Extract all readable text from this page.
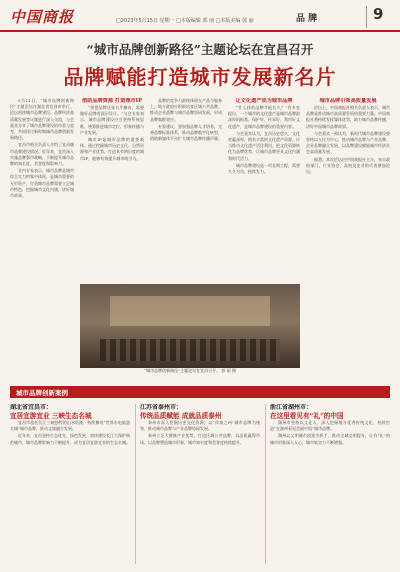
中国商报	□2023年5月15日 星期一 □本版编辑 郭 丽 □本版美编 郭 丽	品 牌	9
“城市品牌创新路径”主题论坛在宜昌召开
品牌赋能打造城市发展新名片

5月11日，“城市品牌创新路径”主题论坛在湖北省宜昌市举行。论坛围绕城市品牌建设、品牌经济高质量发展等议题进行深入交流，与会嘉宾分享了城市品牌建设的经验与思考，共同探讨新时期城市品牌创新发展路径。

宜昌市相关负责人介绍了宜昌城市品牌建设情况。近年来，宜昌深入实施品牌强市战略，不断提升城市品牌的知名度、美誉度和影响力。

业内专家表示，城市品牌是城市综合实力的集中体现，是城市重要的无形资产，打造城市品牌需要立足城市特色，挖掘城市文化内涵，讲好城市故事。

借助品牌资源 打造城市IP

“要把品牌这张名片擦亮，需要做好品牌的顶层设计。”与会专家表示，城市品牌建设应当坚持系统思维，统筹推进城市定位、形象传播与产业发展。

城市IP是城市品牌的重要载体。通过挖掘城市历史文化、自然资源和产业优势，打造具有辨识度的城市IP，能够有效提升城市吸引力。

品牌的竞争力最终体现在产品与服务上。地方政府应积极培育区域公共品牌，推动企业品牌与城市品牌协同发展，形成品牌集群效应。

专家建议，要加强品牌人才培养，完善品牌标准体系，推动品牌数字化转型，借助新媒体平台扩大城市品牌传播声量。

让文化遗产成为城市品牌

“什么样的品牌才能长久？”有专家提出，一个城市的文化遗产是城市品牌最深厚的根基。保护好、传承好、利用好文化遗产，是城市品牌建设的重要内容。

与会嘉宾认为，宜昌历史悠久，文化底蕴深厚，拥有丰富的文化遗产资源。应当推动文化遗产活化利用，把文化资源转化为品牌优势，让城市品牌更具文化内涵和时代活力。

城市品牌建设是一项长期工程，需要久久为功、持续发力。

城市品牌引领高质量发展

论坛上，中国商报社相关负责人表示，城市品牌是推动城市高质量发展的重要力量。中国商报社将持续发挥媒体优势，助力城市品牌传播，讲好中国城市品牌故事。

与会嘉宾一致认为，新时代城市品牌建设要坚持以人民为中心，推动城市品牌与产业品牌、企业品牌融合发展，以品牌建设赋能城市经济社会高质量发展。

据悉，本次论坛由中国商报社主办，来自政府部门、行业协会、高校及企业的代表参加论坛。

“城市品牌创新路径”主题论坛在宜昌召开。 郭 丽 摄
城市品牌创新案例
湖北省宜昌市：
宜居宜游宜业 三峡生态名城

宜昌市依托长江三峡独特的山水资源，持续擦亮“世界水电旅游名城”城市品牌，推动文旅融合发展。

近年来，宜昌坚持生态优先、绿色发展，加快建设长江大保护典范城市，城市品牌影响力不断提升，成为宜居宜游宜业的生态名城。

江苏省泰州市：
传统品质赋能 成就品质泰州

泰州市深入挖掘历史文化资源，以“祥泰之州”城市品牌为统领，推动城市品牌与产业品牌协同发展。

泰州立足大健康产业优势，打造区域公共品牌，以品质赢得市场，以品牌塑造城市形象，城市知名度和美誉度持续提升。

浙江省湖州市：
在这里看见有“礼”的中国

湖州市坚持以文化人，深入挖掘地方优秀传统文化，持续打造“在湖州看见美丽中国”城市品牌。

湖州以文明城市创建为抓手，推动全域文明提升，让有“礼”的城市形象深入人心，城市软实力不断增强。
